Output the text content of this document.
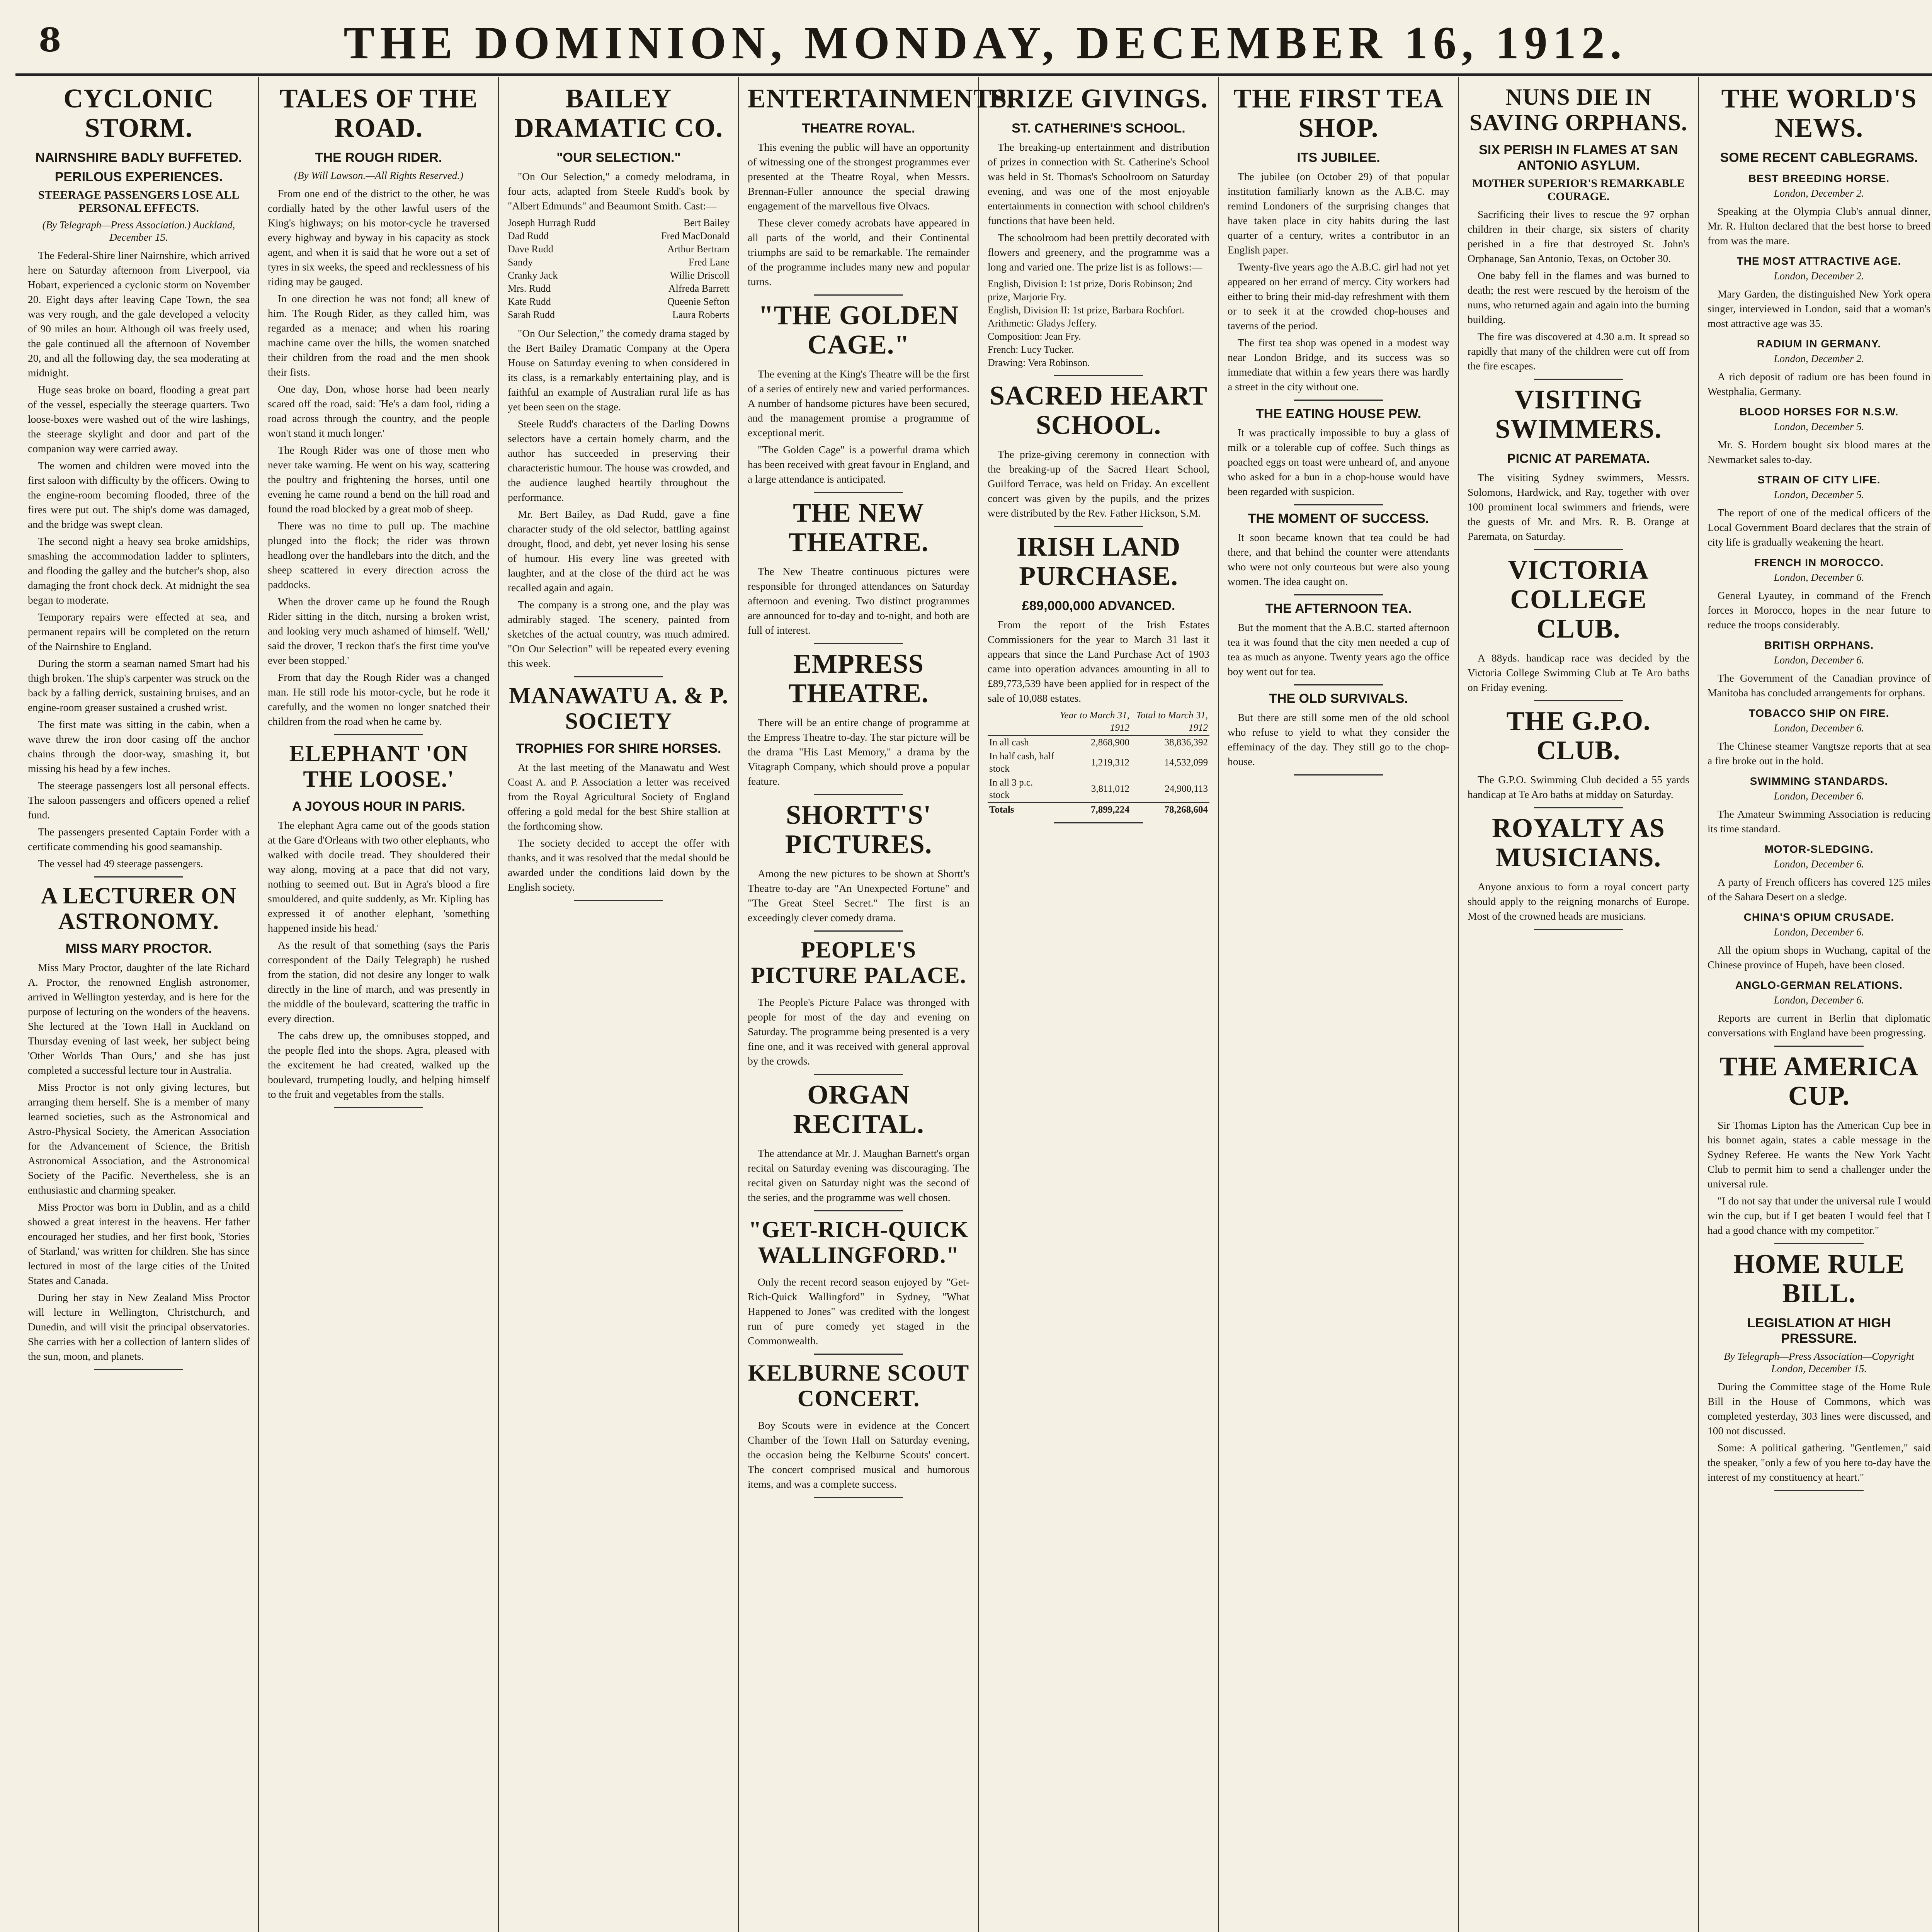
8	THE DOMINION, MONDAY, DECEMBER 16, 1912.
CYCLONIC STORM.
NAIRNSHIRE BADLY BUFFETED.
PERILOUS EXPERIENCES.
STEERAGE PASSENGERS LOSE ALL PERSONAL EFFECTS.
(By Telegraph—Press Association.) Auckland, December 15.

The Federal-Shire liner Nairnshire, which arrived here on Saturday afternoon from Liverpool, via Hobart, experienced a cyclonic storm on November 20. Eight days after leaving Cape Town, the sea was very rough, and the gale developed a velocity of 90 miles an hour. Although oil was freely used, the gale continued all the afternoon of November 20, and all the following day, the sea moderating at midnight.

Huge seas broke on board, flooding a great part of the vessel, especially the steerage quarters. Two loose-boxes were washed out of the wire lashings, the steerage skylight and door and part of the companion way were carried away.

The women and children were moved into the first saloon with difficulty by the officers. Owing to the engine-room becoming flooded, three of the fires were put out. The ship's dome was damaged, and the bridge was swept clean.

The second night a heavy sea broke amidships, smashing the accommodation ladder to splinters, and flooding the galley and the butcher's shop, also damaging the front chock deck. At midnight the sea began to moderate.

Temporary repairs were effected at sea, and permanent repairs will be completed on the return of the Nairnshire to England.

During the storm a seaman named Smart had his thigh broken. The ship's carpenter was struck on the back by a falling derrick, sustaining bruises, and an engine-room greaser sustained a crushed wrist.

The first mate was sitting in the cabin, when a wave threw the iron door casing off the anchor chains through the door-way, smashing it, but missing his head by a few inches.

The steerage passengers lost all personal effects. The saloon passengers and officers opened a relief fund.

The passengers presented Captain Forder with a certificate commending his good seamanship.

The vessel had 49 steerage passengers.

A LECTURER ON ASTRONOMY.
MISS MARY PROCTOR.

Miss Mary Proctor, daughter of the late Richard A. Proctor, the renowned English astronomer, arrived in Wellington yesterday, and is here for the purpose of lecturing on the wonders of the heavens. She lectured at the Town Hall in Auckland on Thursday evening of last week, her subject being 'Other Worlds Than Ours,' and she has just completed a successful lecture tour in Australia.

Miss Proctor is not only giving lectures, but arranging them herself. She is a member of many learned societies, such as the Astronomical and Astro-Physical Society, the American Association for the Advancement of Science, the British Astronomical Association, and the Astronomical Society of the Pacific. Nevertheless, she is an enthusiastic and charming speaker.

Miss Proctor was born in Dublin, and as a child showed a great interest in the heavens. Her father encouraged her studies, and her first book, 'Stories of Starland,' was written for children. She has since lectured in most of the large cities of the United States and Canada.

During her stay in New Zealand Miss Proctor will lecture in Wellington, Christchurch, and Dunedin, and will visit the principal observatories. She carries with her a collection of lantern slides of the sun, moon, and planets.

TALES OF THE ROAD.
THE ROUGH RIDER.
(By Will Lawson.—All Rights Reserved.)

From one end of the district to the other, he was cordially hated by the other lawful users of the King's highways; on his motor-cycle he traversed every highway and byway in his capacity as stock agent, and when it is said that he wore out a set of tyres in six weeks, the speed and recklessness of his riding may be gauged.

In one direction he was not fond; all knew of him. The Rough Rider, as they called him, was regarded as a menace; and when his roaring machine came over the hills, the women snatched their children from the road and the men shook their fists.

One day, Don, whose horse had been nearly scared off the road, said: 'He's a dam fool, riding a road across through the country, and the people won't stand it much longer.'

The Rough Rider was one of those men who never take warning. He went on his way, scattering the poultry and frightening the horses, until one evening he came round a bend on the hill road and found the road blocked by a great mob of sheep.

There was no time to pull up. The machine plunged into the flock; the rider was thrown headlong over the handlebars into the ditch, and the sheep scattered in every direction across the paddocks.

When the drover came up he found the Rough Rider sitting in the ditch, nursing a broken wrist, and looking very much ashamed of himself. 'Well,' said the drover, 'I reckon that's the first time you've ever been stopped.'

From that day the Rough Rider was a changed man. He still rode his motor-cycle, but he rode it carefully, and the women no longer snatched their children from the road when he came by.

ELEPHANT 'ON THE LOOSE.'
A JOYOUS HOUR IN PARIS.

The elephant Agra came out of the goods station at the Gare d'Orleans with two other elephants, who walked with docile tread. They shouldered their way along, moving at a pace that did not vary, nothing to seemed out. But in Agra's blood a fire smouldered, and quite suddenly, as Mr. Kipling has expressed it of another elephant, 'something happened inside his head.'

As the result of that something (says the Paris correspondent of the Daily Telegraph) he rushed from the station, did not desire any longer to walk directly in the line of march, and was presently in the middle of the boulevard, scattering the traffic in every direction.

The cabs drew up, the omnibuses stopped, and the people fled into the shops. Agra, pleased with the excitement he had created, walked up the boulevard, trumpeting loudly, and helping himself to the fruit and vegetables from the stalls.

BAILEY DRAMATIC CO.
"OUR SELECTION."

"On Our Selection," a comedy melodrama, in four acts, adapted from Steele Rudd's book by "Albert Edmunds" and Beaumont Smith. Cast:—

Joseph Hurragh Rudd	Bert Bailey
Dad Rudd	Fred MacDonald
Dave Rudd	Arthur Bertram
Sandy	Fred Lane
Cranky Jack	Willie Driscoll
Mrs. Rudd	Alfreda Barrett
Kate Rudd	Queenie Sefton
Sarah Rudd	Laura Roberts

"On Our Selection," the comedy drama staged by the Bert Bailey Dramatic Company at the Opera House on Saturday evening to when considered in its class, is a remarkably entertaining play, and is faithful an example of Australian rural life as has yet been seen on the stage.

Steele Rudd's characters of the Darling Downs selectors have a certain homely charm, and the author has succeeded in preserving their characteristic humour. The house was crowded, and the audience laughed heartily throughout the performance.

Mr. Bert Bailey, as Dad Rudd, gave a fine character study of the old selector, battling against drought, flood, and debt, yet never losing his sense of humour. His every line was greeted with laughter, and at the close of the third act he was recalled again and again.

The company is a strong one, and the play was admirably staged. The scenery, painted from sketches of the actual country, was much admired. "On Our Selection" will be repeated every evening this week.

MANAWATU A. & P. SOCIETY
TROPHIES FOR SHIRE HORSES.

At the last meeting of the Manawatu and West Coast A. and P. Association a letter was received from the Royal Agricultural Society of England offering a gold medal for the best Shire stallion at the forthcoming show.

The society decided to accept the offer with thanks, and it was resolved that the medal should be awarded under the conditions laid down by the English society.

ENTERTAINMENTS.
THEATRE ROYAL.

This evening the public will have an opportunity of witnessing one of the strongest programmes ever presented at the Theatre Royal, when Messrs. Brennan-Fuller announce the special drawing engagement of the marvellous five Olvacs.

These clever comedy acrobats have appeared in all parts of the world, and their Continental triumphs are said to be remarkable. The remainder of the programme includes many new and popular turns.

"THE GOLDEN CAGE."

The evening at the King's Theatre will be the first of a series of entirely new and varied performances. A number of handsome pictures have been secured, and the management promise a programme of exceptional merit.

"The Golden Cage" is a powerful drama which has been received with great favour in England, and a large attendance is anticipated.

THE NEW THEATRE.

The New Theatre continuous pictures were responsible for thronged attendances on Saturday afternoon and evening. Two distinct programmes are announced for to-day and to-night, and both are full of interest.

EMPRESS THEATRE.

There will be an entire change of programme at the Empress Theatre to-day. The star picture will be the drama "His Last Memory," a drama by the Vitagraph Company, which should prove a popular feature.

SHORTT'S' PICTURES.

Among the new pictures to be shown at Shortt's Theatre to-day are "An Unexpected Fortune" and "The Great Steel Secret." The first is an exceedingly clever comedy drama.

PEOPLE'S PICTURE PALACE.

The People's Picture Palace was thronged with people for most of the day and evening on Saturday. The programme being presented is a very fine one, and it was received with general approval by the crowds.

ORGAN RECITAL.

The attendance at Mr. J. Maughan Barnett's organ recital on Saturday evening was discouraging. The recital given on Saturday night was the second of the series, and the programme was well chosen.

"GET-RICH-QUICK WALLINGFORD."

Only the recent record season enjoyed by "Get-Rich-Quick Wallingford" in Sydney, "What Happened to Jones" was credited with the longest run of pure comedy yet staged in the Commonwealth.

KELBURNE SCOUT CONCERT.

Boy Scouts were in evidence at the Concert Chamber of the Town Hall on Saturday evening, the occasion being the Kelburne Scouts' concert. The concert comprised musical and humorous items, and was a complete success.

PRIZE GIVINGS.
ST. CATHERINE'S SCHOOL.

The breaking-up entertainment and distribution of prizes in connection with St. Catherine's School was held in St. Thomas's Schoolroom on Saturday evening, and was one of the most enjoyable entertainments in connection with school children's functions that have been held.

The schoolroom had been prettily decorated with flowers and greenery, and the programme was a long and varied one. The prize list is as follows:—

English, Division I: 1st prize, Doris Robinson; 2nd prize, Marjorie Fry.
English, Division II: 1st prize, Barbara Rochfort.
Arithmetic: Gladys Jeffery.
Composition: Jean Fry.
French: Lucy Tucker.
Drawing: Vera Robinson.
SACRED HEART SCHOOL.

The prize-giving ceremony in connection with the breaking-up of the Sacred Heart School, Guilford Terrace, was held on Friday. An excellent concert was given by the pupils, and the prizes were distributed by the Rev. Father Hickson, S.M.

IRISH LAND PURCHASE.
£89,000,000 ADVANCED.

From the report of the Irish Estates Commissioners for the year to March 31 last it appears that since the Land Purchase Act of 1903 came into operation advances amounting in all to £89,773,539 have been applied for in respect of the sale of 10,088 estates.

	Year to March 31, 1912	Total to March 31, 1912
In all cash	2,868,900	38,836,392
In half cash, half stock	1,219,312	14,532,099
In all 3 p.c. stock	3,811,012	24,900,113
Totals	7,899,224	78,268,604
THE FIRST TEA SHOP.
ITS JUBILEE.

The jubilee (on October 29) of that popular institution familiarly known as the A.B.C. may remind Londoners of the surprising changes that have taken place in city habits during the last quarter of a century, writes a contributor in an English paper.

Twenty-five years ago the A.B.C. girl had not yet appeared on her errand of mercy. City workers had either to bring their mid-day refreshment with them or to seek it at the crowded chop-houses and taverns of the period.

The first tea shop was opened in a modest way near London Bridge, and its success was so immediate that within a few years there was hardly a street in the city without one.

THE EATING HOUSE PEW.

It was practically impossible to buy a glass of milk or a tolerable cup of coffee. Such things as poached eggs on toast were unheard of, and anyone who asked for a bun in a chop-house would have been regarded with suspicion.

THE MOMENT OF SUCCESS.

It soon became known that tea could be had there, and that behind the counter were attendants who were not only courteous but were also young women. The idea caught on.

THE AFTERNOON TEA.

But the moment that the A.B.C. started afternoon tea it was found that the city men needed a cup of tea as much as anyone. Twenty years ago the office boy went out for tea.

THE OLD SURVIVALS.

But there are still some men of the old school who refuse to yield to what they consider the effeminacy of the day. They still go to the chop-house.

NUNS DIE IN SAVING ORPHANS.
SIX PERISH IN FLAMES AT SAN ANTONIO ASYLUM.
MOTHER SUPERIOR'S REMARKABLE COURAGE.

Sacrificing their lives to rescue the 97 orphan children in their charge, six sisters of charity perished in a fire that destroyed St. John's Orphanage, San Antonio, Texas, on October 30.

One baby fell in the flames and was burned to death; the rest were rescued by the heroism of the nuns, who returned again and again into the burning building.

The fire was discovered at 4.30 a.m. It spread so rapidly that many of the children were cut off from the fire escapes.

VISITING SWIMMERS.
PICNIC AT PAREMATA.

The visiting Sydney swimmers, Messrs. Solomons, Hardwick, and Ray, together with over 100 prominent local swimmers and friends, were the guests of Mr. and Mrs. R. B. Orange at Paremata, on Saturday.

VICTORIA COLLEGE CLUB.

A 88yds. handicap race was decided by the Victoria College Swimming Club at Te Aro baths on Friday evening.

THE G.P.O. CLUB.

The G.P.O. Swimming Club decided a 55 yards handicap at Te Aro baths at midday on Saturday.

ROYALTY AS MUSICIANS.

Anyone anxious to form a royal concert party should apply to the reigning monarchs of Europe. Most of the crowned heads are musicians.

THE WORLD'S NEWS.
SOME RECENT CABLEGRAMS.
BEST BREEDING HORSE.
London, December 2.

Speaking at the Olympia Club's annual dinner, Mr. R. Hulton declared that the best horse to breed from was the mare.

THE MOST ATTRACTIVE AGE.
London, December 2.

Mary Garden, the distinguished New York opera singer, interviewed in London, said that a woman's most attractive age was 35.

RADIUM IN GERMANY.
London, December 2.

A rich deposit of radium ore has been found in Westphalia, Germany.

BLOOD HORSES FOR N.S.W.
London, December 5.

Mr. S. Hordern bought six blood mares at the Newmarket sales to-day.

STRAIN OF CITY LIFE.
London, December 5.

The report of one of the medical officers of the Local Government Board declares that the strain of city life is gradually weakening the heart.

FRENCH IN MOROCCO.
London, December 6.

General Lyautey, in command of the French forces in Morocco, hopes in the near future to reduce the troops considerably.

BRITISH ORPHANS.
London, December 6.

The Government of the Canadian province of Manitoba has concluded arrangements for orphans.

TOBACCO SHIP ON FIRE.
London, December 6.

The Chinese steamer Vangtsze reports that at sea a fire broke out in the hold.

SWIMMING STANDARDS.
London, December 6.

The Amateur Swimming Association is reducing its time standard.

MOTOR-SLEDGING.
London, December 6.

A party of French officers has covered 125 miles of the Sahara Desert on a sledge.

CHINA'S OPIUM CRUSADE.
London, December 6.

All the opium shops in Wuchang, capital of the Chinese province of Hupeh, have been closed.

ANGLO-GERMAN RELATIONS.
London, December 6.

Reports are current in Berlin that diplomatic conversations with England have been progressing.

THE AMERICA CUP.

Sir Thomas Lipton has the American Cup bee in his bonnet again, states a cable message in the Sydney Referee. He wants the New York Yacht Club to permit him to send a challenger under the universal rule.

"I do not say that under the universal rule I would win the cup, but if I get beaten I would feel that I had a good chance with my competitor."

HOME RULE BILL.
LEGISLATION AT HIGH PRESSURE.
By Telegraph—Press Association—Copyright London, December 15.

During the Committee stage of the Home Rule Bill in the House of Commons, which was completed yesterday, 303 lines were discussed, and 100 not discussed.

Some: A political gathering. "Gentlemen," said the speaker, "only a few of you here to-day have the interest of my constituency at heart."
